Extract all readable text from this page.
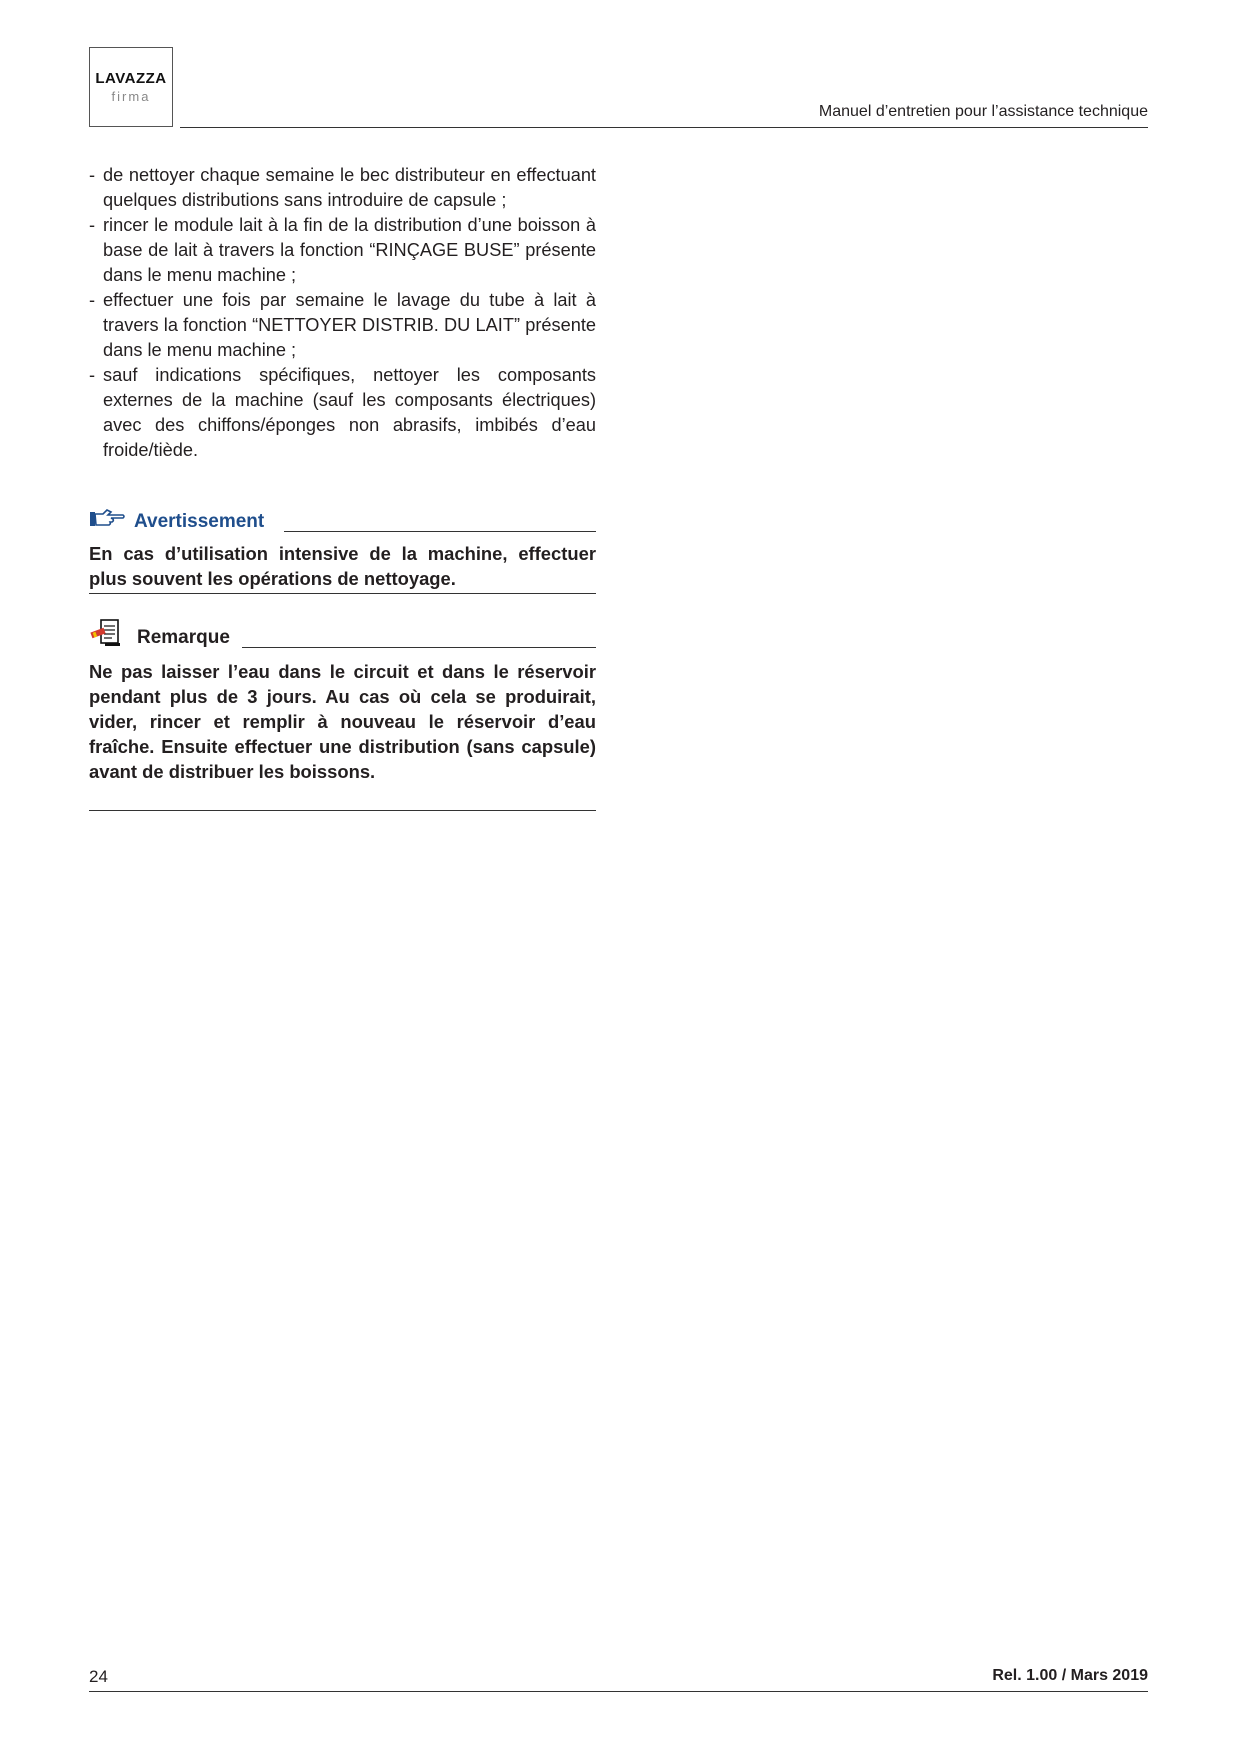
LAVAZZA
firma
Manuel d’entretien pour l’assistance technique
- de nettoyer chaque semaine le bec distributeur en effectuant quelques distributions sans introduire de capsule ;
- rincer le module lait à la fin de la distribution d’une boisson à base de lait à travers la fonction “RINÇAGE BUSE” présente dans le menu machine ;
- effectuer une fois par semaine le lavage du tube à lait à travers la fonction “NETTOYER DISTRIB. DU LAIT” présente dans le menu machine ;
- sauf indications spécifiques, nettoyer les composants externes de la machine (sauf les composants électriques) avec des chiffons/éponges non abrasifs, imbibés d’eau froide/tiède.
Avertissement
En cas d’utilisation intensive de la machine, effectuer plus souvent les opérations de nettoyage.
Remarque
Ne pas laisser l’eau dans le circuit et dans le réservoir pendant plus de 3 jours. Au cas où cela se produirait, vider, rincer et remplir à nouveau le réservoir d’eau fraîche. Ensuite effectuer une distribution (sans capsule) avant de distribuer les boissons.
24	Rel. 1.00 / Mars 2019
